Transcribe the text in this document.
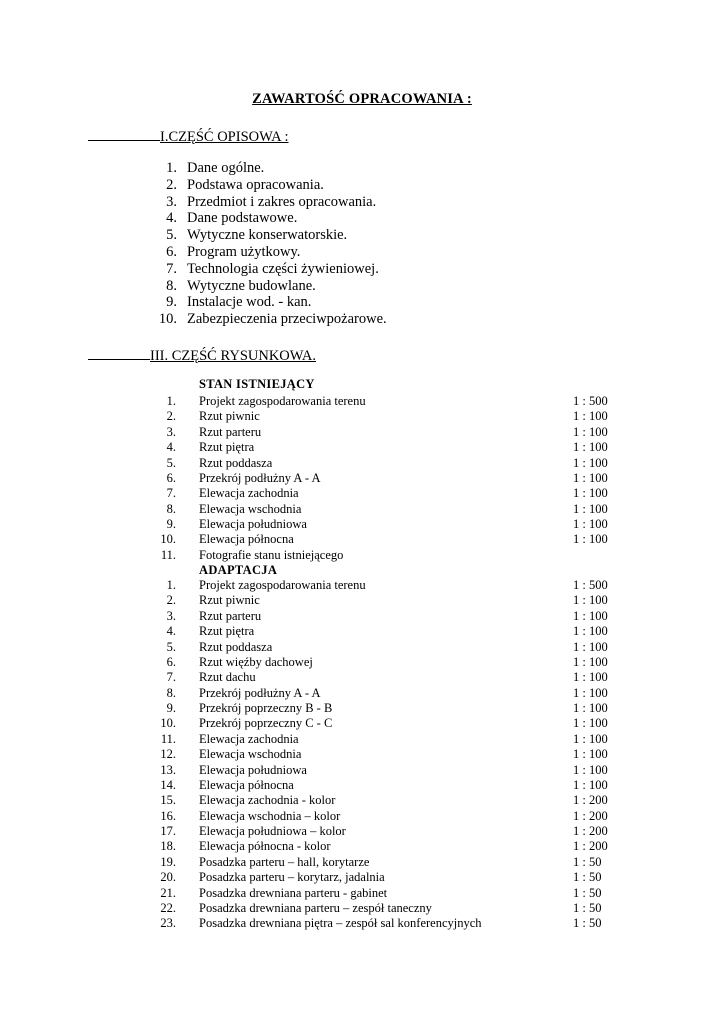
ZAWARTOŚĆ OPRACOWANIA :
I.CZĘŚĆ OPISOWA :
1. Dane ogólne.
2. Podstawa opracowania.
3. Przedmiot i zakres opracowania.
4. Dane podstawowe.
5. Wytyczne konserwatorskie.
6. Program użytkowy.
7. Technologia części żywieniowej.
8. Wytyczne budowlane.
9. Instalacje wod. - kan.
10. Zabezpieczenia przeciwpożarowe.
III. CZĘŚĆ RYSUNKOWA.
STAN ISTNIEJĄCY
1. Projekt zagospodarowania terenu	1 : 500
2. Rzut piwnic	1 : 100
3. Rzut parteru	1 : 100
4. Rzut piętra	1 : 100
5. Rzut poddasza	1 : 100
6. Przekrój podłużny A - A	1 : 100
7. Elewacja zachodnia	1 : 100
8. Elewacja wschodnia	1 : 100
9. Elewacja południowa	1 : 100
10. Elewacja północna	1 : 100
11. Fotografie stanu istniejącego
ADAPTACJA
1. Projekt zagospodarowania terenu	1 : 500
2. Rzut piwnic	1 : 100
3. Rzut parteru	1 : 100
4. Rzut piętra	1 : 100
5. Rzut poddasza	1 : 100
6. Rzut więźby dachowej	1 : 100
7. Rzut dachu	1 : 100
8. Przekrój podłużny A - A	1 : 100
9. Przekrój poprzeczny B - B	1 : 100
10. Przekrój poprzeczny C - C	1 : 100
11. Elewacja zachodnia	1 : 100
12. Elewacja wschodnia	1 : 100
13. Elewacja południowa	1 : 100
14. Elewacja północna	1 : 100
15. Elewacja zachodnia - kolor	1 : 200
16. Elewacja wschodnia – kolor	1 : 200
17. Elewacja południowa – kolor	1 : 200
18. Elewacja północna - kolor	1 : 200
19. Posadzka parteru – hall, korytarze	1 : 50
20. Posadzka parteru – korytarz, jadalnia	1 : 50
21. Posadzka drewniana parteru - gabinet	1 : 50
22. Posadzka drewniana parteru – zespół taneczny	1 : 50
23. Posadzka drewniana piętra – zespół sal konferencyjnych	1 : 50
